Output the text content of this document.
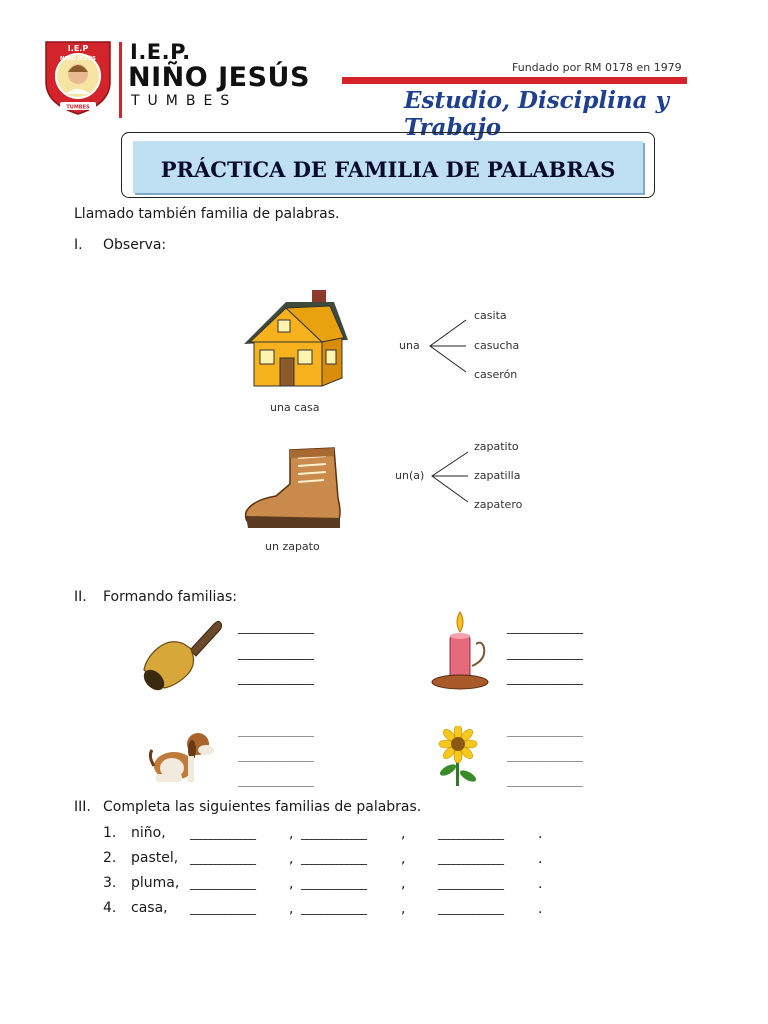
I.E.P
NIÑO JESÚS
TUMBES
I.E.P.
NIÑO JESÚS
TUMBES
Fundado por RM 0178 en 1979
Estudio, Disciplina y Trabajo
PRÁCTICA DE FAMILIA DE PALABRAS
Llamado también familia de palabras.
I. Observa:
una casa
una
casita
casucha
caserón
un zapato
un(a)
zapatito
zapatilla
zapatero
II. Formando familias:
_______________
_______________
_______________
_______________
_______________
_______________
_______________
_______________
_______________
_______________
_______________
_______________
III. Completa las siguientes familias de palabras.
1. niño, _____________ , _____________	,	_____________	.
2. pastel, _____________ , _____________	,	_____________	.
3. pluma, _____________ , _____________	,	_____________	.
4. casa, _____________ , _____________	,	_____________	.
